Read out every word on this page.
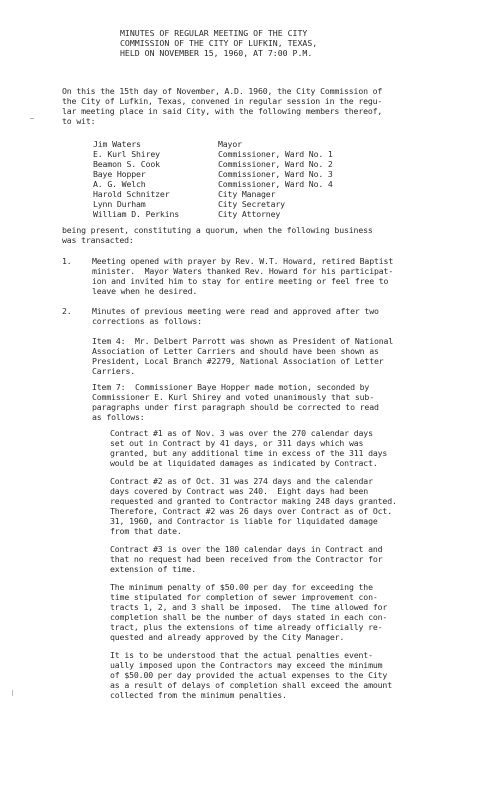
MINUTES OF REGULAR MEETING OF THE CITY
COMMISSION OF THE CITY OF LUFKIN, TEXAS,
HELD ON NOVEMBER 15, 1960, AT 7:00 P.M.
On this the 15th day of November, A.D. 1960, the City Commission of
the City of Lufkin, Texas, convened in regular session in the regu-
lar meeting place in said City, with the following members thereof,
to wit:
Jim Waters	Mayor
E. Kurl Shirey	Commissioner, Ward No. 1
Beamon S. Cook	Commissioner, Ward No. 2
Baye Hopper	Commissioner, Ward No. 3
A. G. Welch	Commissioner, Ward No. 4
Harold Schnitzer	City Manager
Lynn Durham	City Secretary
William D. Perkins	City Attorney
being present, constituting a quorum, when the following business
was transacted:
1. Meeting opened with prayer by Rev. W.T. Howard, retired Baptist
minister.  Mayor Waters thanked Rev. Howard for his participat-
ion and invited him to stay for entire meeting or feel free to
leave when he desired.
2. Minutes of previous meeting were read and approved after two
corrections as follows:
Item 4:  Mr. Delbert Parrott was shown as President of National
Association of Letter Carriers and should have been shown as
President, Local Branch #2279, National Association of Letter
Carriers.
Item 7:  Commissioner Baye Hopper made motion, seconded by
Commissioner E. Kurl Shirey and voted unanimously that sub-
paragraphs under first paragraph should be corrected to read
as follows:
Contract #1 as of Nov. 3 was over the 270 calendar days
set out in Contract by 41 days, or 311 days which was
granted, but any additional time in excess of the 311 days
would be at liquidated damages as indicated by Contract.
Contract #2 as of Oct. 31 was 274 days and the calendar
days covered by Contract was 240.  Eight days had been
requested and granted to Contractor making 248 days granted.
Therefore, Contract #2 was 26 days over Contract as of Oct.
31, 1960, and Contractor is liable for liquidated damage
from that date.
Contract #3 is over the 180 calendar days in Contract and
that no request had been received from the Contractor for
extension of time.
The minimum penalty of $50.00 per day for exceeding the
time stipulated for completion of sewer improvement con-
tracts 1, 2, and 3 shall be imposed.  The time allowed for
completion shall be the number of days stated in each con-
tract, plus the extensions of time already officially re-
quested and already approved by the City Manager.
It is to be understood that the actual penalties event-
ually imposed upon the Contractors may exceed the minimum
of $50.00 per day provided the actual expenses to the City
as a result of delays of completion shall exceed the amount
collected from the minimum penalties.
